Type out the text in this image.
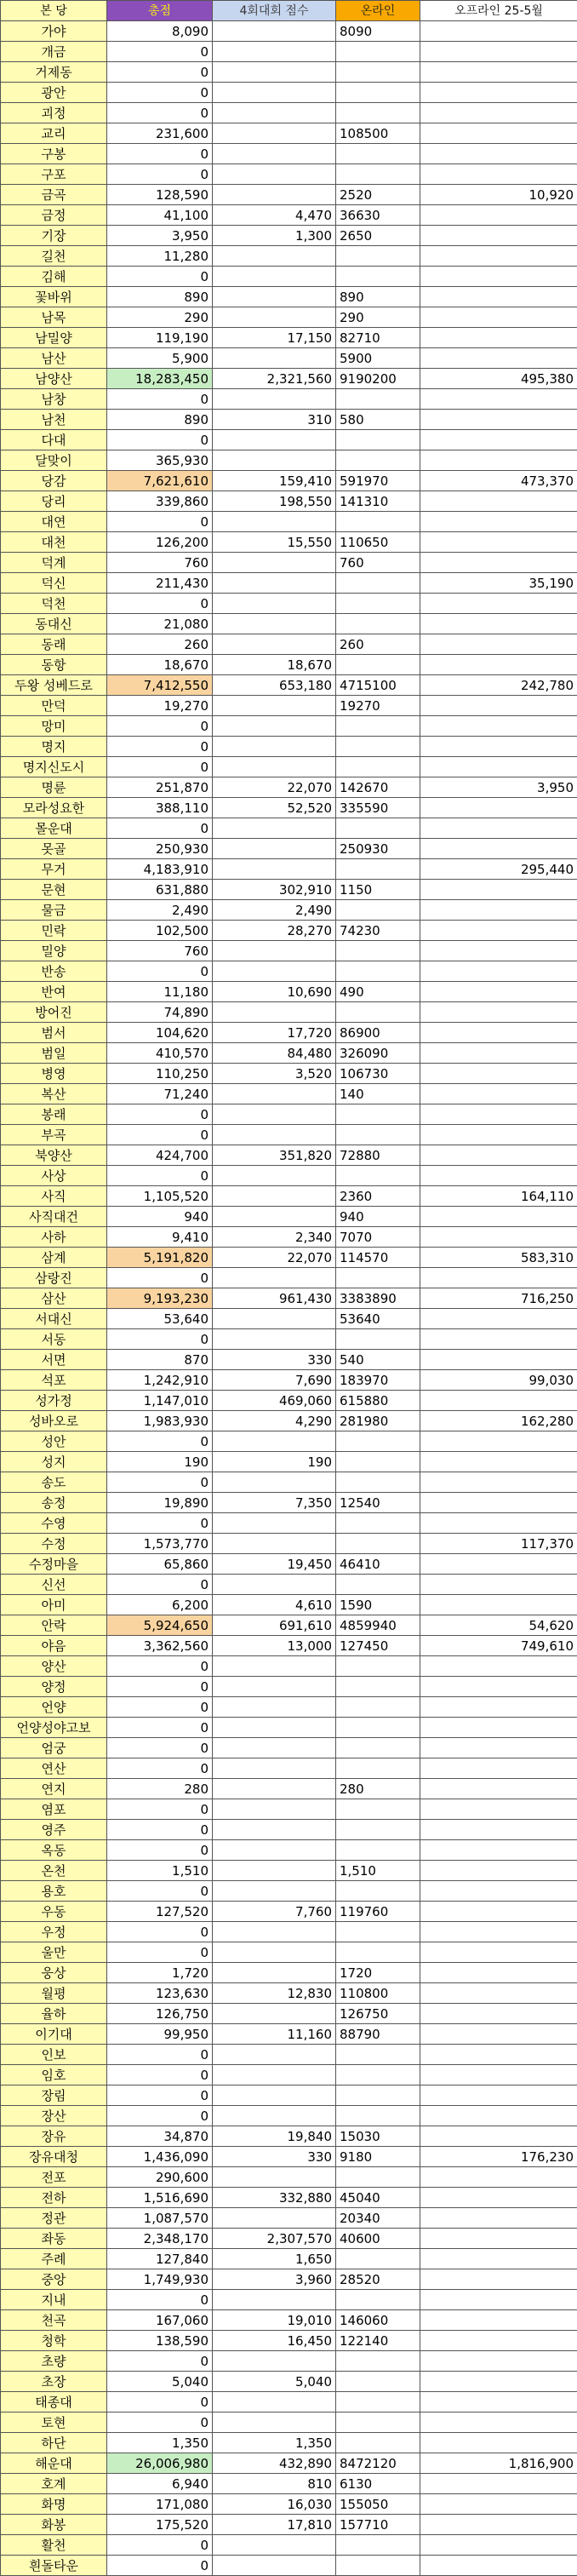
본 당	총점	4회대회 점수	온라인	오프라인 25-5월
가야	8,090		8090	
개금	0			
거제동	0			
광안	0			
괴정	0			
교리	231,600		108500	
구봉	0			
구포	0			
금곡	128,590		2520	10,920
금정	41,100	4,470	36630	
기장	3,950	1,300	2650	
길천	11,280			
김해	0			
꽃바위	890		890	
남목	290		290	
남밀양	119,190	17,150	82710	
남산	5,900		5900	
남양산	18,283,450	2,321,560	9190200	495,380
남창	0			
남천	890	310	580	
다대	0			
달맞이	365,930			
당감	7,621,610	159,410	591970	473,370
당리	339,860	198,550	141310	
대연	0			
대천	126,200	15,550	110650	
덕계	760		760	
덕신	211,430			35,190
덕천	0			
동대신	21,080			
동래	260		260	
동항	18,670	18,670		
두왕 성베드로	7,412,550	653,180	4715100	242,780
만덕	19,270		19270	
망미	0			
명지	0			
명지신도시	0			
명륜	251,870	22,070	142670	3,950
모라성요한	388,110	52,520	335590	
몰운대	0			
못골	250,930		250930	
무거	4,183,910			295,440
문현	631,880	302,910	1150	
물금	2,490	2,490		
민락	102,500	28,270	74230	
밀양	760			
반송	0			
반여	11,180	10,690	490	
방어진	74,890			
범서	104,620	17,720	86900	
범일	410,570	84,480	326090	
병영	110,250	3,520	106730	
복산	71,240		140	
봉래	0			
부곡	0			
북양산	424,700	351,820	72880	
사상	0			
사직	1,105,520		2360	164,110
사직대건	940		940	
사하	9,410	2,340	7070	
삼계	5,191,820	22,070	114570	583,310
삼랑진	0			
삼산	9,193,230	961,430	3383890	716,250
서대신	53,640		53640	
서동	0			
서면	870	330	540	
석포	1,242,910	7,690	183970	99,030
성가정	1,147,010	469,060	615880	
성바오로	1,983,930	4,290	281980	162,280
성안	0			
성지	190	190		
송도	0			
송정	19,890	7,350	12540	
수영	0			
수정	1,573,770			117,370
수정마을	65,860	19,450	46410	
신선	0			
아미	6,200	4,610	1590	
안락	5,924,650	691,610	4859940	54,620
야음	3,362,560	13,000	127450	749,610
양산	0			
양정	0			
언양	0			
언양성야고보	0			
엄궁	0			
연산	0			
연지	280		280	
염포	0			
영주	0			
옥동	0			
온천	1,510		1,510	
용호	0			
우동	127,520	7,760	119760	
우정	0			
울만	0			
웅상	1,720		1720	
월평	123,630	12,830	110800	
율하	126,750		126750	
이기대	99,950	11,160	88790	
인보	0			
임호	0			
장림	0			
장산	0			
장유	34,870	19,840	15030	
장유대청	1,436,090	330	9180	176,230
전포	290,600			
전하	1,516,690	332,880	45040	
정관	1,087,570		20340	
좌동	2,348,170	2,307,570	40600	
주례	127,840	1,650		
중앙	1,749,930	3,960	28520	
지내	0			
천곡	167,060	19,010	146060	
청학	138,590	16,450	122140	
초량	0			
초장	5,040	5,040		
태종대	0			
토현	0			
하단	1,350	1,350		
해운대	26,006,980	432,890	8472120	1,816,900
호계	6,940	810	6130	
화명	171,080	16,030	155050	
화봉	175,520	17,810	157710	
활천	0			
흰돌타운	0			
